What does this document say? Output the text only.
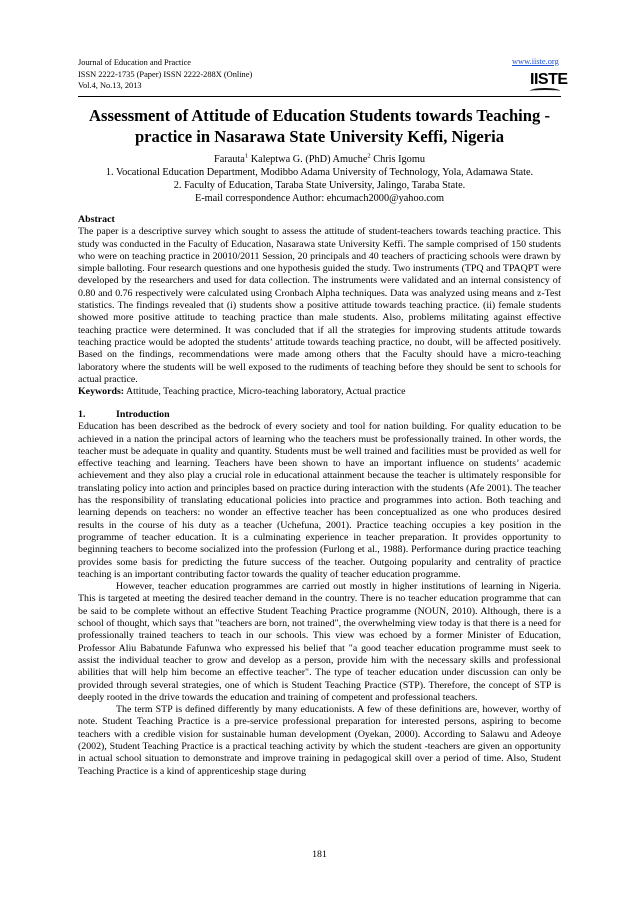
Journal of Education and Practice
ISSN 2222-1735 (Paper) ISSN 2222-288X (Online)
Vol.4, No.13, 2013
www.iiste.org
IISTE
Assessment of Attitude of Education Students towards Teaching - practice in Nasarawa State University Keffi, Nigeria
Farauta$^1$ Kaleptwa G. (PhD) Amuche$^2$ Chris Igomu
1. Vocational Education Department, Modibbo Adama University of Technology, Yola, Adamawa State.
2. Faculty of Education, Taraba State University, Jalingo, Taraba State.
E-mail correspondence Author: ehcumach2000@yahoo.com
Abstract

The paper is a descriptive survey which sought to assess the attitude of student-teachers towards teaching practice. This study was conducted in the Faculty of Education, Nasarawa state University Keffi. The sample comprised of 150 students who were on teaching practice in 20010/2011 Session, 20 principals and 40 teachers of practicing schools were drawn by simple balloting. Four research questions and one hypothesis guided the study. Two instruments (TPQ and TPAQPT were developed by the researchers and used for data collection. The instruments were validated and an internal consistency of 0.80 and 0.76 respectively were calculated using Cronbach Alpha techniques. Data was analyzed using means and z-Test statistics. The findings revealed that (i) students show a positive attitude towards teaching practice. (ii) female students showed more positive attitude to teaching practice than male students. Also, problems militating against effective teaching practice were determined. It was concluded that if all the strategies for improving students attitude towards teaching practice would be adopted the students’ attitude towards teaching practice, no doubt, will be affected positively. Based on the findings, recommendations were made among others that the Faculty should have a micro-teaching laboratory where the students will be well exposed to the rudiments of teaching before they should be sent to schools for actual practice.

Keywords: Attitude, Teaching practice, Micro-teaching laboratory, Actual practice

1.	Introduction

Education has been described as the bedrock of every society and tool for nation building. For quality education to be achieved in a nation the principal actors of learning who the teachers must be professionally trained. In other words, the teacher must be adequate in quality and quantity. Students must be well trained and facilities must be provided as well for effective teaching and learning. Teachers have been shown to have an important influence on students’ academic achievement and they also play a crucial role in educational attainment because the teacher is ultimately responsible for translating policy into action and principles based on practice during interaction with the students (Afe 2001). The teacher has the responsibility of translating educational policies into practice and programmes into action. Both teaching and learning depends on teachers: no wonder an effective teacher has been conceptualized as one who produces desired results in the course of his duty as a teacher (Uchefuna, 2001). Practice teaching occupies a key position in the programme of teacher education. It is a culminating experience in teacher preparation. It provides opportunity to beginning teachers to become socialized into the profession (Furlong et al., 1988). Performance during practice teaching provides some basis for predicting the future success of the teacher. Outgoing popularity and centrality of practice teaching is an important contributing factor towards the quality of teacher education programme.

However, teacher education programmes are carried out mostly in higher institutions of learning in Nigeria. This is targeted at meeting the desired teacher demand in the country. There is no teacher education programme that can be said to be complete without an effective Student Teaching Practice programme (NOUN, 2010). Although, there is a school of thought, which says that "teachers are born, not trained", the overwhelming view today is that there is a need for professionally trained teachers to teach in our schools. This view was echoed by a former Minister of Education, Professor Aliu Babatunde Fafunwa who expressed his belief that "a good teacher education programme must seek to assist the individual teacher to grow and develop as a person, provide him with the necessary skills and professional abilities that will help him become an effective teacher". The type of teacher education under discussion can only be provided through several strategies, one of which is Student Teaching Practice (STP). Therefore, the concept of STP is deeply rooted in the drive towards the education and training of competent and professional teachers.

The term STP is defined differently by many educationists. A few of these definitions are, however, worthy of note. Student Teaching Practice is a pre-service professional preparation for interested persons, aspiring to become teachers with a credible vision for sustainable human development (Oyekan, 2000). According to Salawu and Adeoye (2002), Student Teaching Practice is a practical teaching activity by which the student -teachers are given an opportunity in actual school situation to demonstrate and improve training in pedagogical skill over a period of time. Also, Student Teaching Practice is a kind of apprenticeship stage during

181
